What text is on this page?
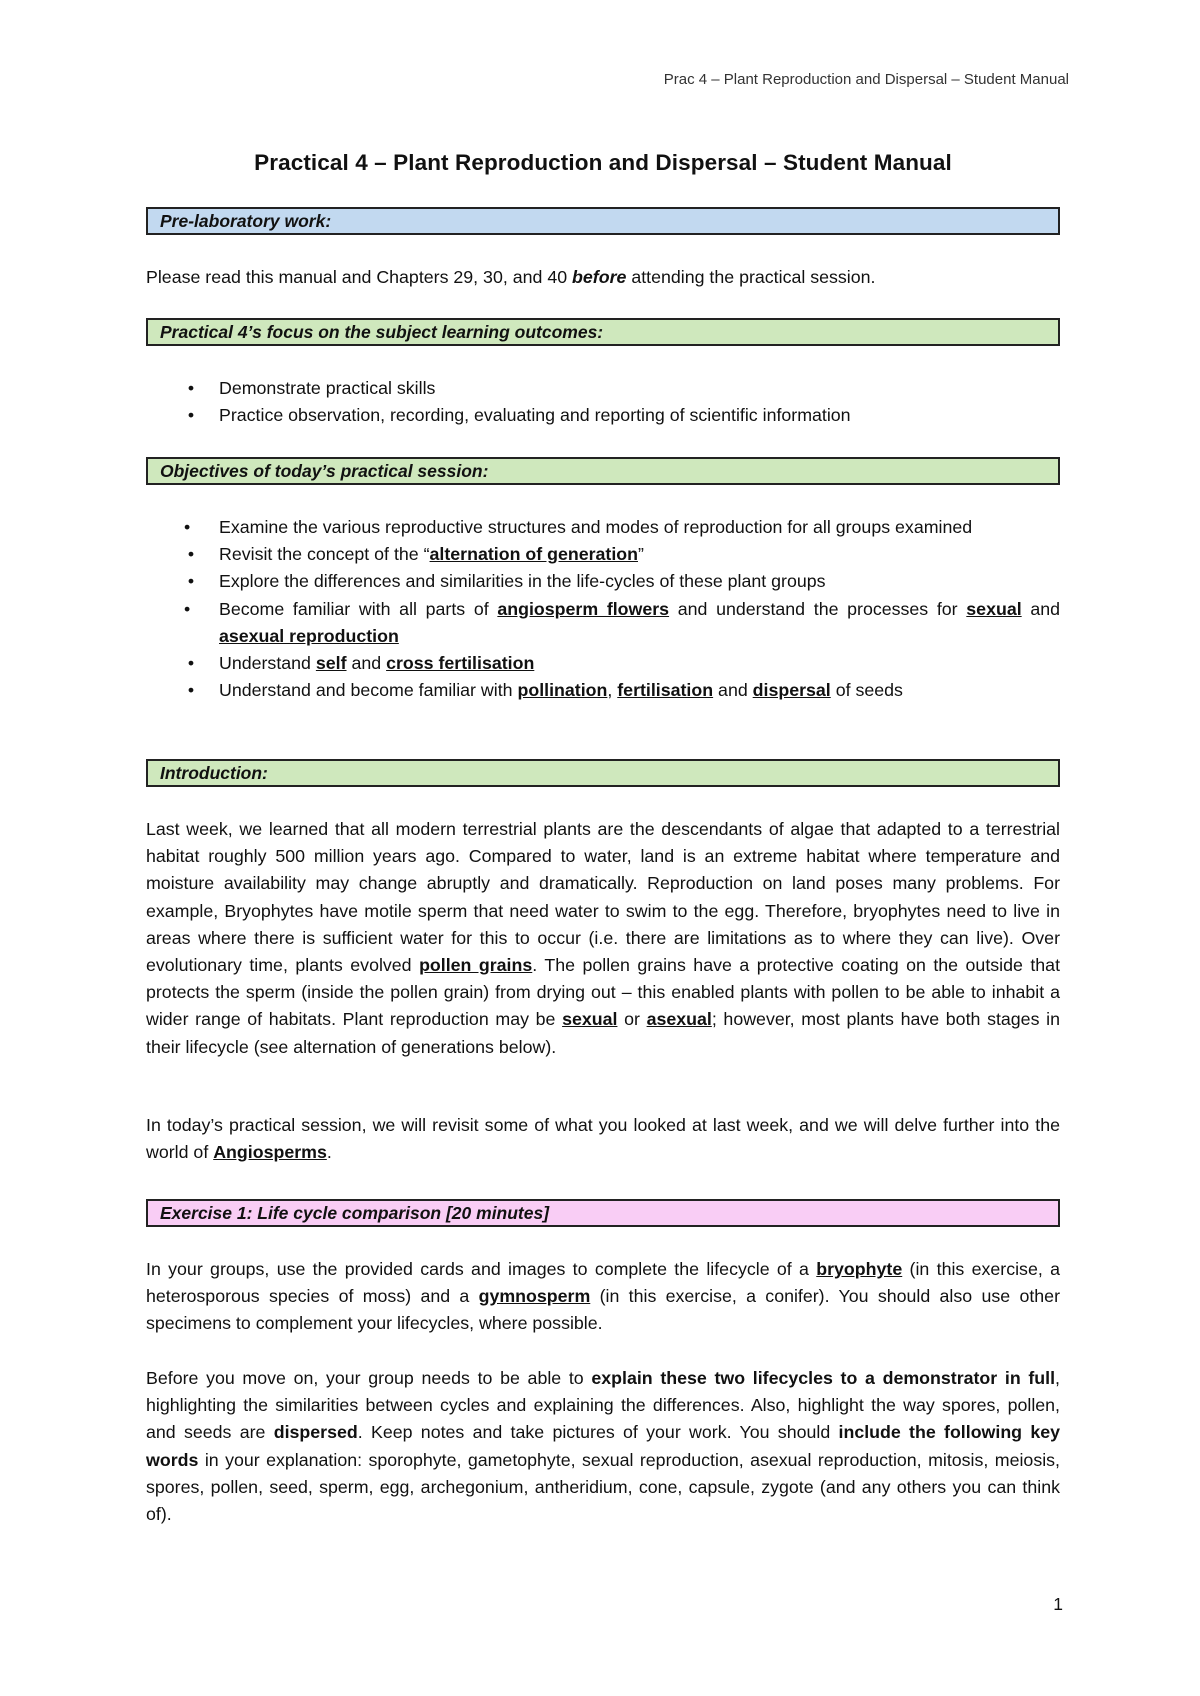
Prac 4 – Plant Reproduction and Dispersal – Student Manual
Practical 4 – Plant Reproduction and Dispersal – Student Manual
Pre-laboratory work:

Please read this manual and Chapters 29, 30, and 40 before attending the practical session.

Practical 4’s focus on the subject learning outcomes:
• Demonstrate practical skills
• Practice observation, recording, evaluating and reporting of scientific information
Objectives of today’s practical session:
•	Examine the various reproductive structures and modes of reproduction for all groups examined
• Revisit the concept of the “alternation of generation”
• Explore the differences and similarities in the life-cycles of these plant groups
•	Become familiar with all parts of angiosperm flowers and understand the processes for sexual and asexual reproduction
• Understand self and cross fertilisation
• Understand and become familiar with pollination, fertilisation and dispersal of seeds
Introduction:

Last week, we learned that all modern terrestrial plants are the descendants of algae that adapted to a terrestrial habitat roughly 500 million years ago. Compared to water, land is an extreme habitat where temperature and moisture availability may change abruptly and dramatically. Reproduction on land poses many problems. For example, Bryophytes have motile sperm that need water to swim to the egg. Therefore, bryophytes need to live in areas where there is sufficient water for this to occur (i.e. there are limitations as to where they can live). Over evolutionary time, plants evolved pollen grains. The pollen grains have a protective coating on the outside that protects the sperm (inside the pollen grain) from drying out – this enabled plants with pollen to be able to inhabit a wider range of habitats. Plant reproduction may be sexual or asexual; however, most plants have both stages in their lifecycle (see alternation of generations below).

In today’s practical session, we will revisit some of what you looked at last week, and we will delve further into the world of Angiosperms.

Exercise 1: Life cycle comparison [20 minutes]

In your groups, use the provided cards and images to complete the lifecycle of a bryophyte (in this exercise, a heterosporous species of moss) and a gymnosperm (in this exercise, a conifer). You should also use other specimens to complement your lifecycles, where possible.

Before you move on, your group needs to be able to explain these two lifecycles to a demonstrator in full, highlighting the similarities between cycles and explaining the differences. Also, highlight the way spores, pollen, and seeds are dispersed. Keep notes and take pictures of your work. You should include the following key words in your explanation: sporophyte, gametophyte, sexual reproduction, asexual reproduction, mitosis, meiosis, spores, pollen, seed, sperm, egg, archegonium, antheridium, cone, capsule, zygote (and any others you can think of).

1
